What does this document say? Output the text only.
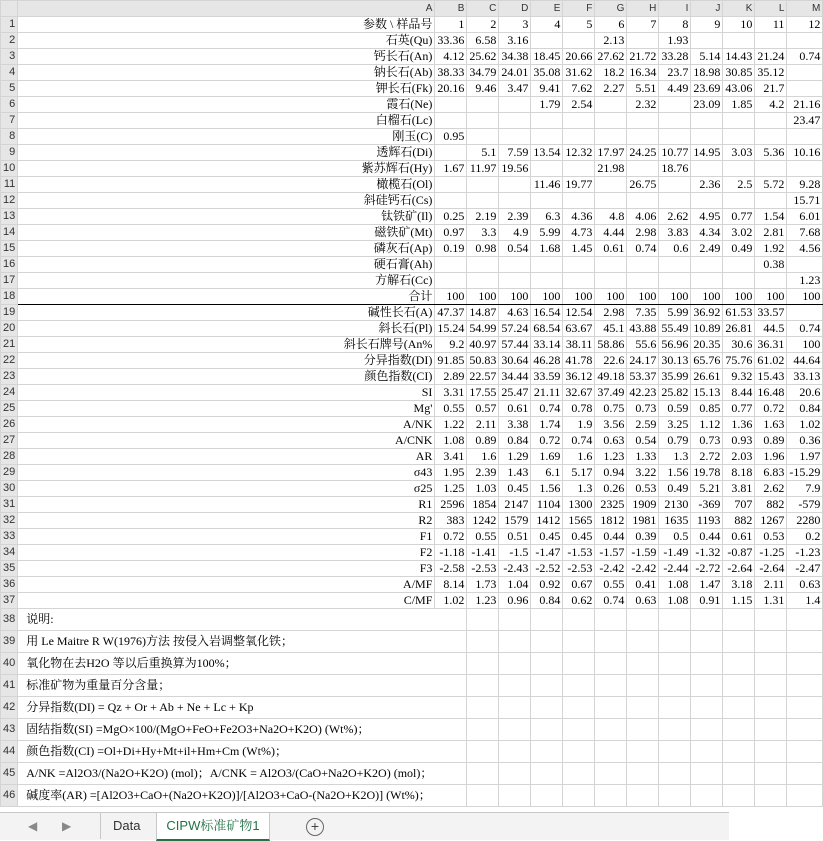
	A	B	C	D	E	F	G	H	I	J	K	L	M
1	参数 \ 样品号	1	2	3	4	5	6	7	8	9	10	11	12
2	石英(Qu)	33.36	6.58	3.16			2.13		1.93				
3	钙长石(An)	4.12	25.62	34.38	18.45	20.66	27.62	21.72	33.28	5.14	14.43	21.24	0.74
4	钠长石(Ab)	38.33	34.79	24.01	35.08	31.62	18.2	16.34	23.7	18.98	30.85	35.12	
5	钾长石(Fk)	20.16	9.46	3.47	9.41	7.62	2.27	5.51	4.49	23.69	43.06	21.7	
6	霞石(Ne)				1.79	2.54		2.32		23.09	1.85	4.2	21.16
7	白榴石(Lc)												23.47
8	刚玉(C)	0.95											
9	透辉石(Di)		5.1	7.59	13.54	12.32	17.97	24.25	10.77	14.95	3.03	5.36	10.16
10	紫苏辉石(Hy)	1.67	11.97	19.56			21.98		18.76				
11	橄榄石(Ol)				11.46	19.77		26.75		2.36	2.5	5.72	9.28
12	斜硅钙石(Cs)												15.71
13	钛铁矿(Il)	0.25	2.19	2.39	6.3	4.36	4.8	4.06	2.62	4.95	0.77	1.54	6.01
14	磁铁矿(Mt)	0.97	3.3	4.9	5.99	4.73	4.44	2.98	3.83	4.34	3.02	2.81	7.68
15	磷灰石(Ap)	0.19	0.98	0.54	1.68	1.45	0.61	0.74	0.6	2.49	0.49	1.92	4.56
16	硬石膏(Ah)											0.38	
17	方解石(Cc)												1.23
18	合计	100	100	100	100	100	100	100	100	100	100	100	100
19	碱性长石(A)	47.37	14.87	4.63	16.54	12.54	2.98	7.35	5.99	36.92	61.53	33.57	
20	斜长石(Pl)	15.24	54.99	57.24	68.54	63.67	45.1	43.88	55.49	10.89	26.81	44.5	0.74
21	斜长石牌号(An%	9.2	40.97	57.44	33.14	38.11	58.86	55.6	56.96	20.35	30.6	36.31	100
22	分异指数(DI)	91.85	50.83	30.64	46.28	41.78	22.6	24.17	30.13	65.76	75.76	61.02	44.64
23	颜色指数(CI)	2.89	22.57	34.44	33.59	36.12	49.18	53.37	35.99	26.61	9.32	15.43	33.13
24	SI	3.31	17.55	25.47	21.11	32.67	37.49	42.23	25.82	15.13	8.44	16.48	20.6
25	Mg'	0.55	0.57	0.61	0.74	0.78	0.75	0.73	0.59	0.85	0.77	0.72	0.84
26	A/NK	1.22	2.11	3.38	1.74	1.9	3.56	2.59	3.25	1.12	1.36	1.63	1.02
27	A/CNK	1.08	0.89	0.84	0.72	0.74	0.63	0.54	0.79	0.73	0.93	0.89	0.36
28	AR	3.41	1.6	1.29	1.69	1.6	1.23	1.33	1.3	2.72	2.03	1.96	1.97
29	σ43	1.95	2.39	1.43	6.1	5.17	0.94	3.22	1.56	19.78	8.18	6.83	-15.29
30	σ25	1.25	1.03	0.45	1.56	1.3	0.26	0.53	0.49	5.21	3.81	2.62	7.9
31	R1	2596	1854	2147	1104	1300	2325	1909	2130	-369	707	882	-579
32	R2	383	1242	1579	1412	1565	1812	1981	1635	1193	882	1267	2280
33	F1	0.72	0.55	0.51	0.45	0.45	0.44	0.39	0.5	0.44	0.61	0.53	0.2
34	F2	-1.18	-1.41	-1.5	-1.47	-1.53	-1.57	-1.59	-1.49	-1.32	-0.87	-1.25	-1.23
35	F3	-2.58	-2.53	-2.43	-2.52	-2.53	-2.42	-2.42	-2.44	-2.72	-2.64	-2.64	-2.47
36	A/MF	8.14	1.73	1.04	0.92	0.67	0.55	0.41	1.08	1.47	3.18	2.11	0.63
37	C/MF	1.02	1.23	0.96	0.84	0.62	0.74	0.63	1.08	0.91	1.15	1.31	1.4
38	说明:												
39	用 Le Maitre R W(1976)方法 按侵入岩调整氧化铁；												
40	氧化物在去H2O 等以后重换算为100%；												
41	标准矿物为重量百分含量；												
42	分异指数(DI) = Qz + Or + Ab + Ne + Lc + Kp												
43	固结指数(SI) =MgO×100/(MgO+FeO+Fe2O3+Na2O+K2O) (Wt%)；												
44	颜色指数(CI) =Ol+Di+Hy+Mt+il+Hm+Cm (Wt%)；												
45	A/NK =Al2O3/(Na2O+K2O) (mol)；A/CNK = Al2O3/(CaO+Na2O+K2O) (mol)；												
46	碱度率(AR) =[Al2O3+CaO+(Na2O+K2O)]/[Al2O3+CaO-(Na2O+K2O)] (Wt%)；												
◀ ▶	Data	CIPW标准矿物1	+
